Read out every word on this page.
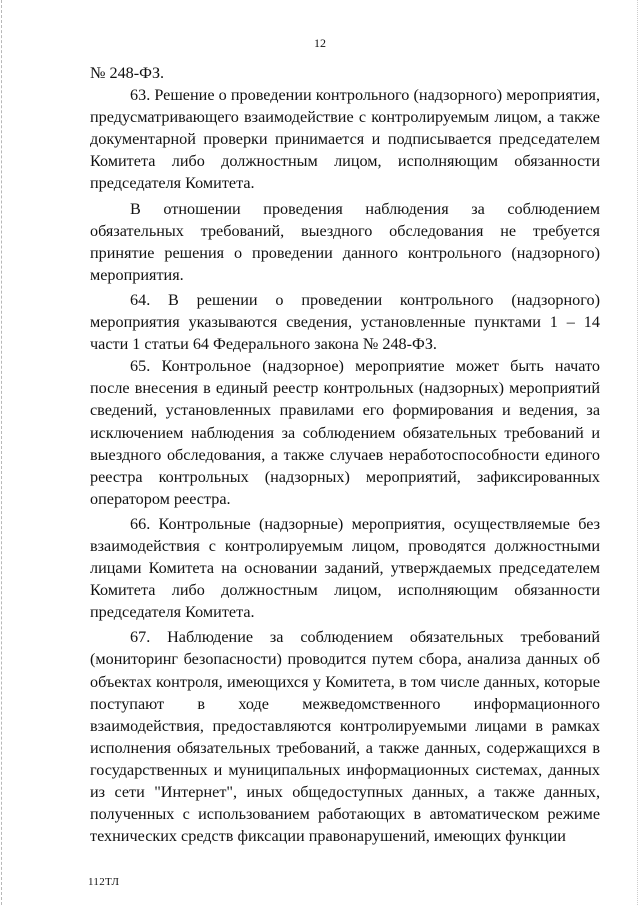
12

№ 248-ФЗ.

63. Решение о проведении контрольного (надзорного) мероприятия, предусматривающего взаимодействие с контролируемым лицом, а также документарной проверки принимается и подписывается председателем Комитета либо должностным лицом, исполняющим обязанности председателя Комитета.

В отношении проведения наблюдения за соблюдением обязательных требований, выездного обследования не требуется принятие решения о проведении данного контрольного (надзорного) мероприятия.

64. В решении о проведении контрольного (надзорного) мероприятия указываются сведения, установленные пунктами 1 – 14 части 1 статьи 64 Федерального закона № 248-ФЗ.

65. Контрольное (надзорное) мероприятие может быть начато после внесения в единый реестр контрольных (надзорных) мероприятий сведений, установленных правилами его формирования и ведения, за исключением наблюдения за соблюдением обязательных требований и выездного обследования, а также случаев неработоспособности единого реестра контрольных (надзорных) мероприятий, зафиксированных оператором реестра.

66. Контрольные (надзорные) мероприятия, осуществляемые без взаимодействия с контролируемым лицом, проводятся должностными лицами Комитета на основании заданий, утверждаемых председателем Комитета либо должностным лицом, исполняющим обязанности председателя Комитета.

67. Наблюдение за соблюдением обязательных требований (мониторинг безопасности) проводится путем сбора, анализа данных об объектах контроля, имеющихся у Комитета, в том числе данных, которые поступают в ходе межведомственного информационного взаимодействия, предоставляются контролируемыми лицами в рамках исполнения обязательных требований, а также данных, содержащихся в государственных и муниципальных информационных системах, данных из сети "Интернет", иных общедоступных данных, а также данных, полученных с использованием работающих в автоматическом режиме технических средств фиксации правонарушений, имеющих функции

112ТЛ
